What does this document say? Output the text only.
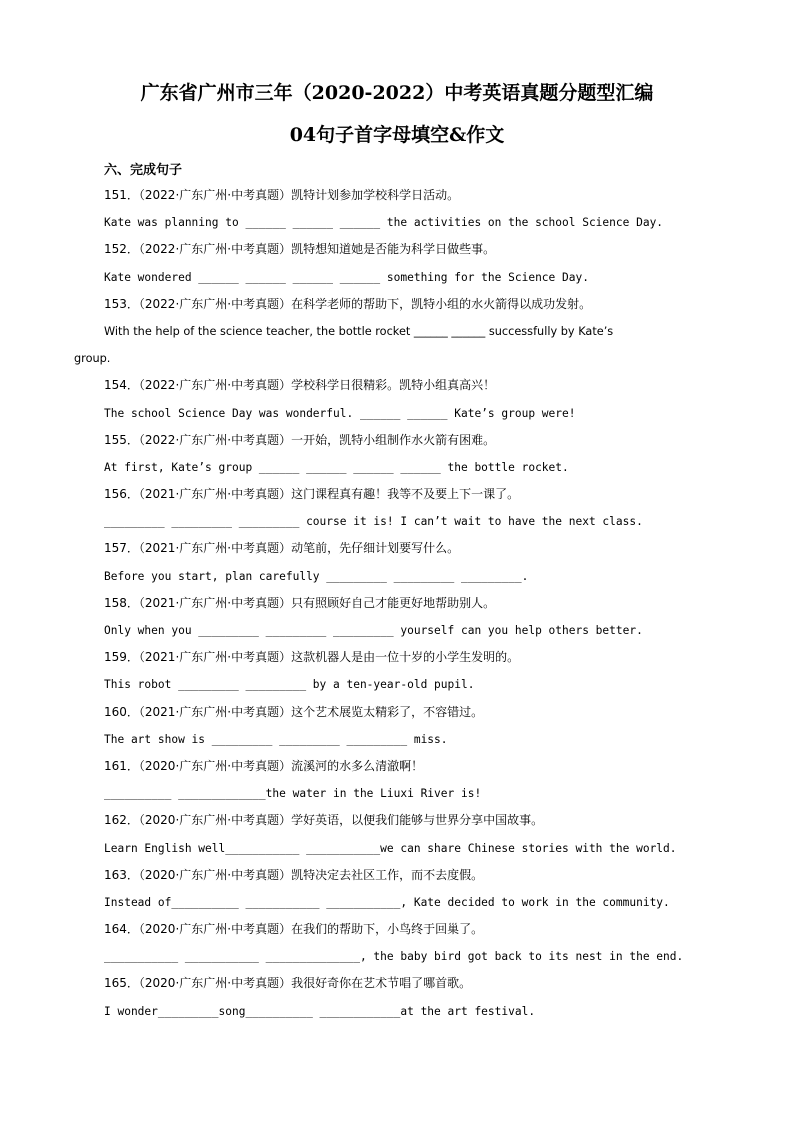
广东省广州市三年（2020-2022）中考英语真题分题型汇编
04句子首字母填空&作文
六、完成句子
151．（2022·广东广州·中考真题）凯特计划参加学校科学日活动。
Kate was planning to ______ ______ ______ the activities on the school Science Day.
152．（2022·广东广州·中考真题）凯特想知道她是否能为科学日做些事。
Kate wondered ______ ______ ______ ______ something for the Science Day.
153．（2022·广东广州·中考真题）在科学老师的帮助下，凯特小组的水火箭得以成功发射。
With the help of the science teacher, the bottle rocket ______ ______ successfully by Kate’s
group.
154．（2022·广东广州·中考真题）学校科学日很精彩。凯特小组真高兴！
The school Science Day was wonderful. ______ ______ Kate’s group were!
155．（2022·广东广州·中考真题）一开始，凯特小组制作水火箭有困难。
At first, Kate’s group ______ ______ ______ ______ the bottle rocket.
156．（2021·广东广州·中考真题）这门课程真有趣！我等不及要上下一课了。
_________ _________ _________ course it is! I can’t wait to have the next class.
157．（2021·广东广州·中考真题）动笔前，先仔细计划要写什么。
Before you start, plan carefully _________ _________ _________.
158．（2021·广东广州·中考真题）只有照顾好自己才能更好地帮助别人。
Only when you _________ _________ _________ yourself can you help others better.
159．（2021·广东广州·中考真题）这款机器人是由一位十岁的小学生发明的。
This robot _________ _________ by a ten-year-old pupil.
160．（2021·广东广州·中考真题）这个艺术展览太精彩了，不容错过。
The art show is _________ _________ _________ miss.
161．（2020·广东广州·中考真题）流溪河的水多么清澈啊！
__________ _____________the water in the Liuxi River is!
162．（2020·广东广州·中考真题）学好英语，以便我们能够与世界分享中国故事。
Learn English well___________ ___________we can share Chinese stories with the world.
163．（2020·广东广州·中考真题）凯特决定去社区工作，而不去度假。
Instead of__________ ___________ ___________, Kate decided to work in the community.
164．（2020·广东广州·中考真题）在我们的帮助下，小鸟终于回巢了。
___________ ___________ ______________, the baby bird got back to its nest in the end.
165．（2020·广东广州·中考真题）我很好奇你在艺术节唱了哪首歌。
I wonder_________song__________ ____________at the art festival.
